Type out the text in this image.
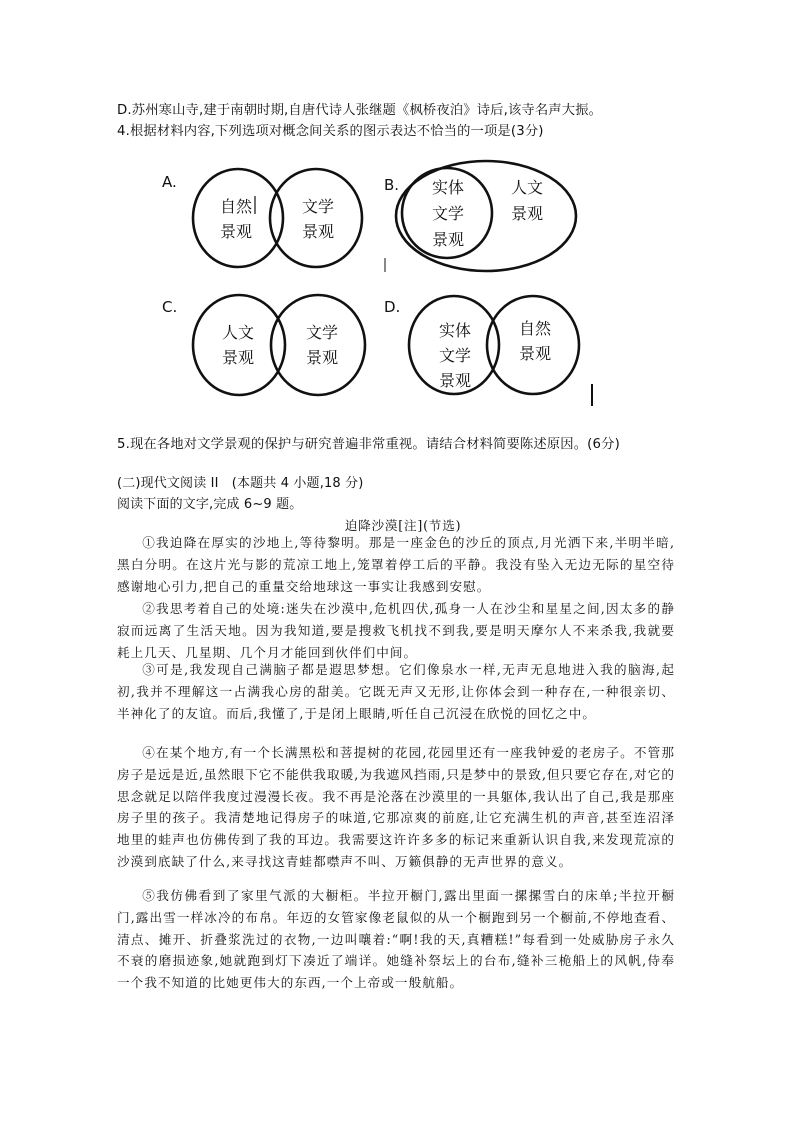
D.苏州寒山寺,建于南朝时期,自唐代诗人张继题《枫桥夜泊》诗后,该寺名声大振。
4.根据材料内容,下列选项对概念间关系的图示表达不恰当的一项是(3分)
A.
自然
景观
文学
景观
B. 实体
文学
景观
人文
景观
C.
人文
景观
文学
景观
D.
实体
文学
景观
自然
景观
5.现在各地对文学景观的保护与研究普遍非常重视。请结合材料简要陈述原因。(6分)
(二)现代文阅读 II　(本题共 4 小题,18 分)
阅读下面的文字,完成 6~9 题。
迫降沙漠[注](节选)

①我迫降在厚实的沙地上,等待黎明。那是一座金色的沙丘的顶点,月光洒下来,半明半暗,黑白分明。在这片光与影的荒凉工地上,笼罩着停工后的平静。我没有坠入无边无际的星空待感谢地心引力,把自己的重量交给地球这一事实让我感到安慰。

②我思考着自己的处境:迷失在沙漠中,危机四伏,孤身一人在沙尘和星星之间,因太多的静寂而远离了生活天地。因为我知道,要是搜救飞机找不到我,要是明天摩尔人不来杀我,我就要耗上几天、几星期、几个月才能回到伙伴们中间。

③可是,我发现自己满脑子都是遐思梦想。它们像泉水一样,无声无息地进入我的脑海,起初,我并不理解这一占满我心房的甜美。它既无声又无形,让你体会到一种存在,一种很亲切、半神化了的友谊。而后,我懂了,于是闭上眼睛,听任自己沉浸在欣悦的回忆之中。

④在某个地方,有一个长满黑松和菩提树的花园,花园里还有一座我钟爱的老房子。不管那房子是远是近,虽然眼下它不能供我取暖,为我遮风挡雨,只是梦中的景致,但只要它存在,对它的思念就足以陪伴我度过漫漫长夜。我不再是沦落在沙漠里的一具躯体,我认出了自己,我是那座房子里的孩子。我清楚地记得房子的味道,它那凉爽的前庭,让它充满生机的声音,甚至连沼泽地里的蛙声也仿佛传到了我的耳边。我需要这许许多多的标记来重新认识自我,来发现荒凉的沙漠到底缺了什么,来寻找这青蛙都噤声不叫、万籁俱静的无声世界的意义。

⑤我仿佛看到了家里气派的大橱柜。半拉开橱门,露出里面一摞摞雪白的床单;半拉开橱门,露出雪一样冰冷的布帛。年迈的女管家像老鼠似的从一个橱跑到另一个橱前,不停地查看、清点、摊开、折叠浆洗过的衣物,一边叫嚷着:“啊!我的天,真糟糕!”每看到一处威胁房子永久不衰的磨损迹象,她就跑到灯下凑近了端详。她缝补祭坛上的台布,缝补三桅船上的风帆,侍奉一个我不知道的比她更伟大的东西,一个上帝或一般航船。
